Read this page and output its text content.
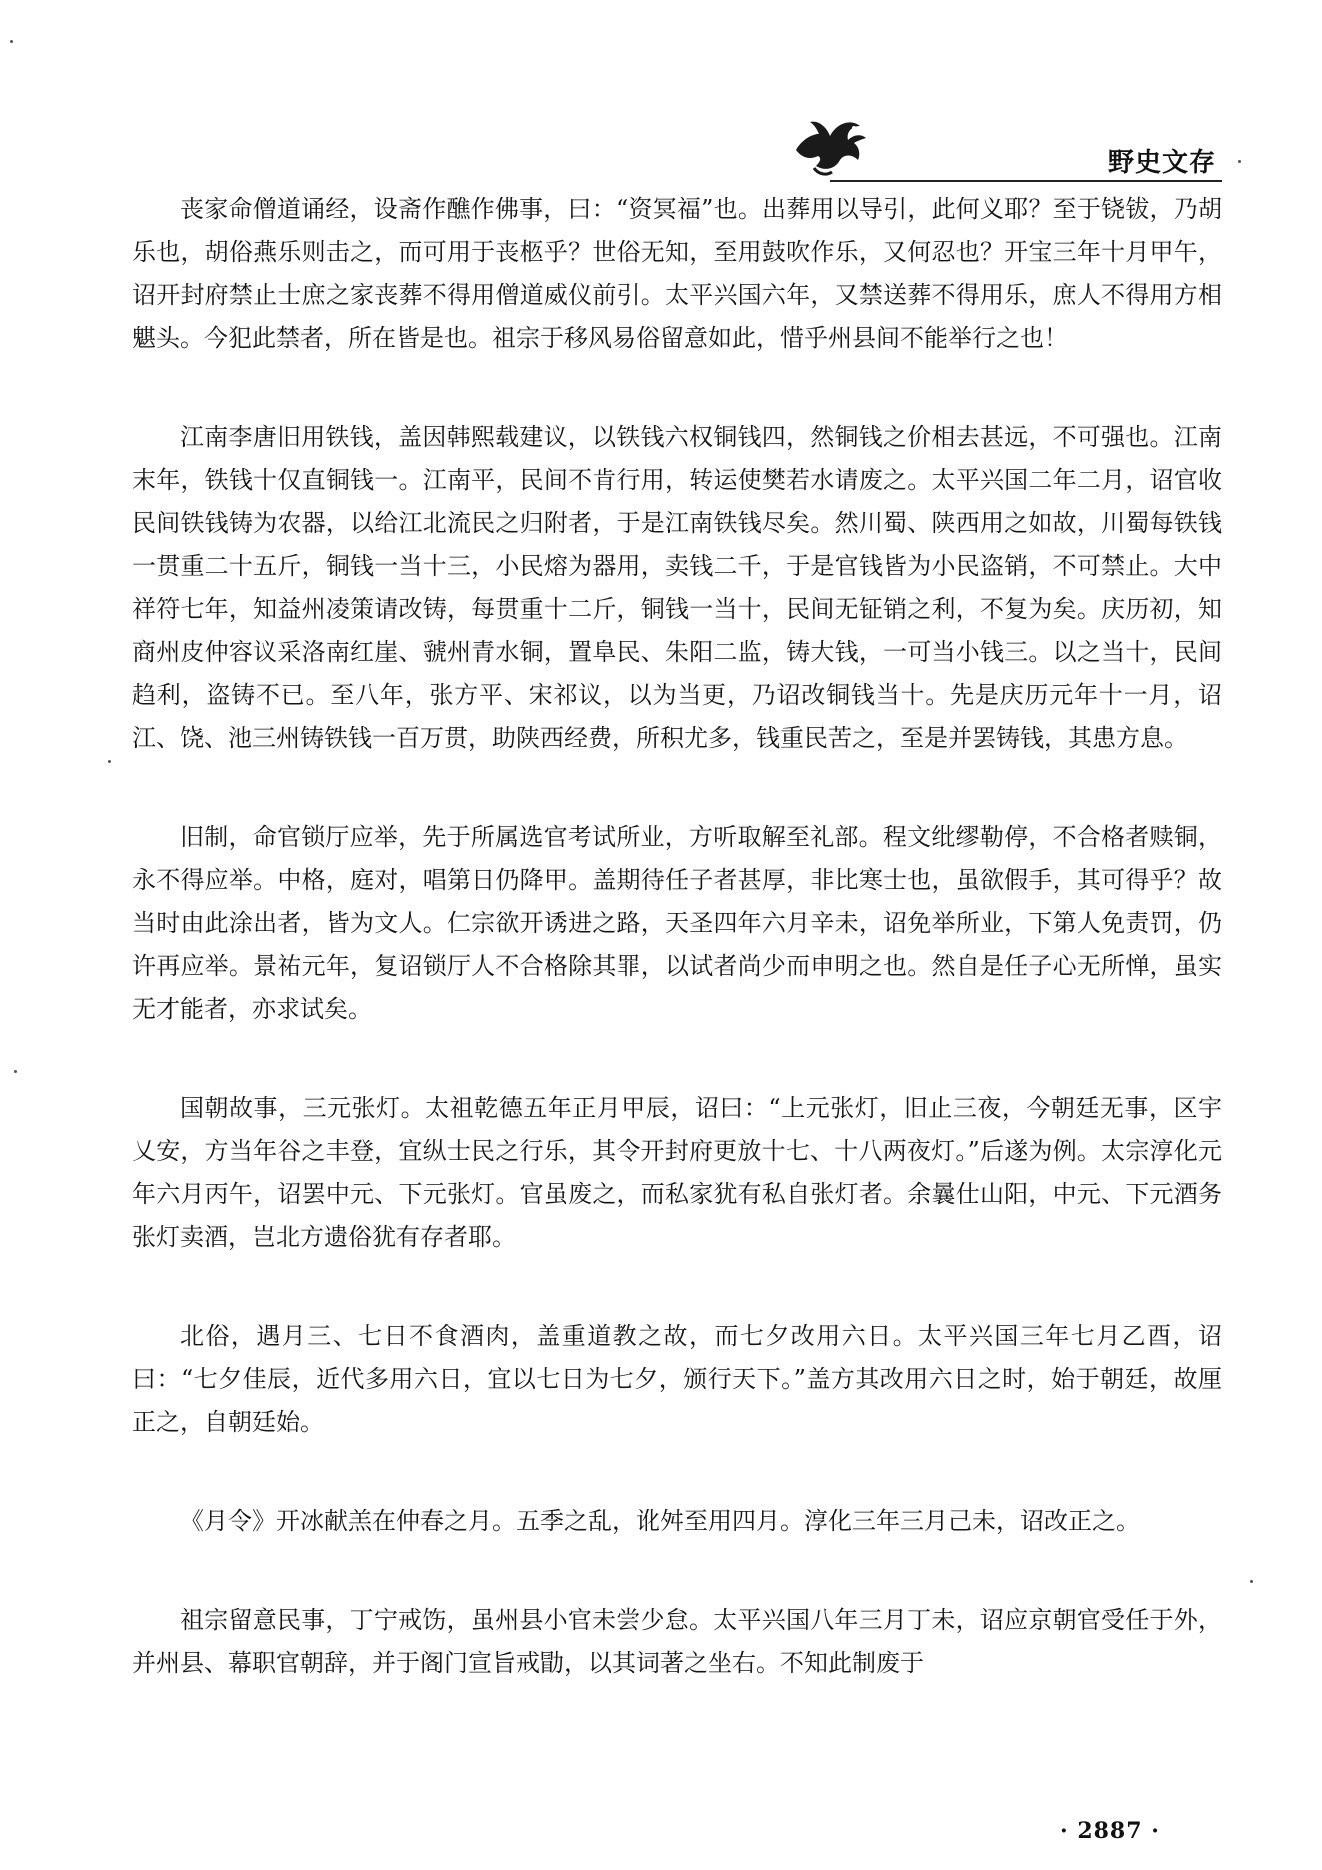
野史文存

丧家命僧道诵经，设斋作醮作佛事，曰：“资冥福”也。出葬用以导引，此何义耶？至于铙钹，乃胡乐也，胡俗燕乐则击之，而可用于丧柩乎？世俗无知，至用鼓吹作乐，又何忍也？开宝三年十月甲午，诏开封府禁止士庶之家丧葬不得用僧道威仪前引。太平兴国六年，又禁送葬不得用乐，庶人不得用方相魌头。今犯此禁者，所在皆是也。祖宗于移风易俗留意如此，惜乎州县间不能举行之也！

江南李唐旧用铁钱，盖因韩熙载建议，以铁钱六权铜钱四，然铜钱之价相去甚远，不可强也。江南末年，铁钱十仅直铜钱一。江南平，民间不肯行用，转运使樊若水请废之。太平兴国二年二月，诏官收民间铁钱铸为农器，以给江北流民之归附者，于是江南铁钱尽矣。然川蜀、陕西用之如故，川蜀每铁钱一贯重二十五斤，铜钱一当十三，小民熔为器用，卖钱二千，于是官钱皆为小民盗销，不可禁止。大中祥符七年，知益州凌策请改铸，每贯重十二斤，铜钱一当十，民间无钲销之利，不复为矣。庆历初，知商州皮仲容议采洛南红崖、虢州青水铜，置阜民、朱阳二监，铸大钱，一可当小钱三。以之当十，民间趋利，盗铸不已。至八年，张方平、宋祁议，以为当更，乃诏改铜钱当十。先是庆历元年十一月，诏江、饶、池三州铸铁钱一百万贯，助陕西经费，所积尤多，钱重民苦之，至是并罢铸钱，其患方息。

旧制，命官锁厅应举，先于所属选官考试所业，方听取解至礼部。程文纰缪勒停，不合格者赎铜，永不得应举。中格，庭对，唱第日仍降甲。盖期待任子者甚厚，非比寒士也，虽欲假手，其可得乎？故当时由此涂出者，皆为文人。仁宗欲开诱进之路，天圣四年六月辛未，诏免举所业，下第人免责罚，仍许再应举。景祐元年，复诏锁厅人不合格除其罪，以试者尚少而申明之也。然自是任子心无所惮，虽实无才能者，亦求试矣。

国朝故事，三元张灯。太祖乾德五年正月甲辰，诏曰：“上元张灯，旧止三夜，今朝廷无事，区宇乂安，方当年谷之丰登，宜纵士民之行乐，其令开封府更放十七、十八两夜灯。”后遂为例。太宗淳化元年六月丙午，诏罢中元、下元张灯。官虽废之，而私家犹有私自张灯者。余曩仕山阳，中元、下元酒务张灯卖酒，岂北方遗俗犹有存者耶。

北俗，遇月三、七日不食酒肉，盖重道教之故，而七夕改用六日。太平兴国三年七月乙酉，诏曰：“七夕佳辰，近代多用六日，宜以七日为七夕，颁行天下。”盖方其改用六日之时，始于朝廷，故厘正之，自朝廷始。

《月令》开冰献羔在仲春之月。五季之乱，讹舛至用四月。淳化三年三月己未，诏改正之。

祖宗留意民事，丁宁戒饬，虽州县小官未尝少怠。太平兴国八年三月丁未，诏应京朝官受任于外，并州县、幕职官朝辞，并于阁门宣旨戒勖，以其词著之坐右。不知此制废于

· 2887 ·
